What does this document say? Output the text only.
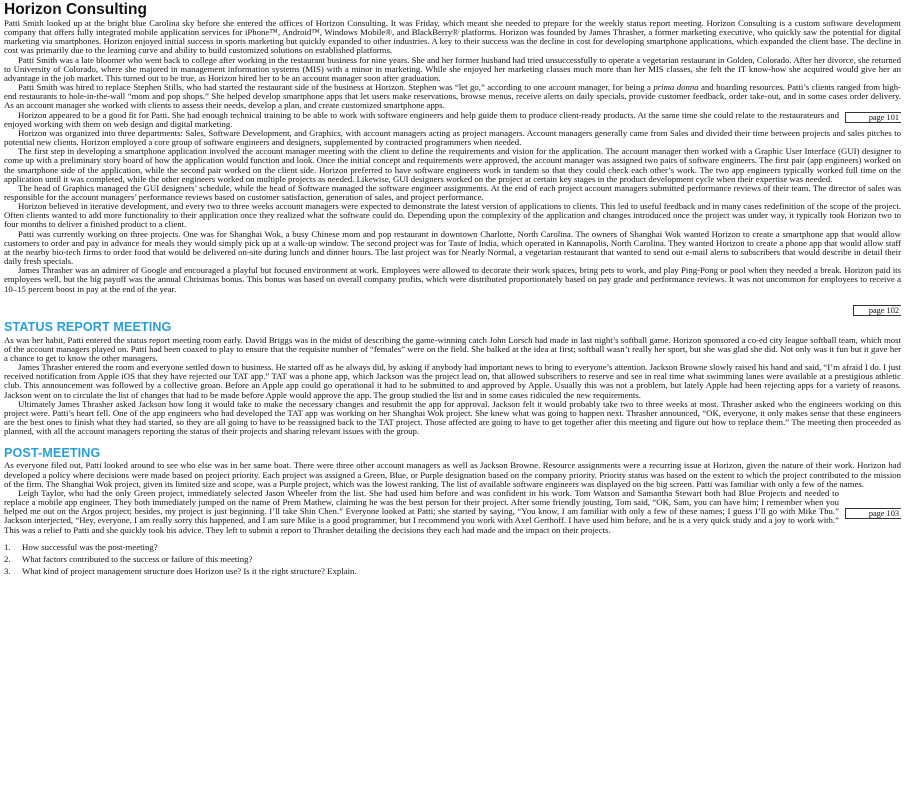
Horizon Consulting

Patti Smith looked up at the bright blue Carolina sky before she entered the offices of Horizon Consulting. It was Friday, which meant she needed to prepare for the weekly status report meeting. Horizon Consulting is a custom software development company that offers fully integrated mobile application services for iPhone™, Android™, Windows Mobile®, and BlackBerry® platforms. Horizon was founded by James Thrasher, a former marketing executive, who quickly saw the potential for digital marketing via smartphones. Horizon enjoyed initial success in sports marketing but quickly expanded to other industries. A key to their success was the decline in cost for developing smartphone applications, which expanded the client base. The decline in cost was primarily due to the learning curve and ability to build customized solutions on established platforms.

Patti Smith was a late bloomer who went back to college after working in the restaurant business for nine years. She and her former husband had tried unsuccessfully to operate a vegetarian restaurant in Golden, Colorado. After her divorce, she returned to University of Colorado, where she majored in management information systems (MIS) with a minor in marketing. While she enjoyed her marketing classes much more than her MIS classes, she felt the IT know-how she acquired would give her an advantage in the job market. This turned out to be true, as Horizon hired her to be an account manager soon after graduation.

Patti Smith was hired to replace Stephen Stills, who had started the restaurant side of the business at Horizon. Stephen was “let go,” according to one account manager, for being a prima donna and hoarding resources. Patti’s clients ranged from high-end restaurants to hole-in-the-wall “mom and pop shops.” She helped develop smartphone apps that let users make reservations, browse menus, receive alerts on daily specials, provide customer feedback, order take-out, and in some cases order delivery. As an account manager she worked with clients to assess their needs, develop a plan, and create customized smartphone apps.

page 101
Horizon appeared to be a good fit for Patti. She had enough technical training to be able to work with software engineers and help guide them to produce client-ready products. At the same time she could relate to the restaurateurs and enjoyed working with them on web design and digital marketing.

Horizon was organized into three departments: Sales, Software Development, and Graphics, with account managers acting as project managers. Account managers generally came from Sales and divided their time between projects and sales pitches to potential new clients. Horizon employed a core group of software engineers and designers, supplemented by contracted programmers when needed.

The first step in developing a smartphone application involved the account manager meeting with the client to define the requirements and vision for the application. The account manager then worked with a Graphic User Interface (GUI) designer to come up with a preliminary story board of how the application would function and look. Once the initial concept and requirements were approved, the account manager was assigned two pairs of software engineers. The first pair (app engineers) worked on the smartphone side of the application, while the second pair worked on the client side. Horizon preferred to have software engineers work in tandem so that they could check each other’s work. The two app engineers typically worked full time on the application until it was completed, while the other engineers worked on multiple projects as needed. Likewise, GUI designers worked on the project at certain key stages in the product development cycle when their expertise was needed.

The head of Graphics managed the GUI designers’ schedule, while the head of Software managed the software engineer assignments. At the end of each project account managers submitted performance reviews of their team. The director of sales was responsible for the account managers’ performance reviews based on customer satisfaction, generation of sales, and project performance.

Horizon believed in iterative development, and every two to three weeks account managers were expected to demonstrate the latest version of applications to clients. This led to useful feedback and in many cases redefinition of the scope of the project. Often clients wanted to add more functionality to their application once they realized what the software could do. Depending upon the complexity of the application and changes introduced once the project was under way, it typically took Horizon two to four months to deliver a finished product to a client.

Patti was currently working on three projects. One was for Shanghai Wok, a busy Chinese mom and pop restaurant in downtown Charlotte, North Carolina. The owners of Shanghai Wok wanted Horizon to create a smartphone app that would allow customers to order and pay in advance for meals they would simply pick up at a walk-up window. The second project was for Taste of India, which operated in Kannapolis, North Carolina. They wanted Horizon to create a phone app that would allow staff at the nearby bio-tech firms to order food that would be delivered on-site during lunch and dinner hours. The last project was for Nearly Normal, a vegetarian restaurant that wanted to send out e-mail alerts to subscribers that would describe in detail their daily fresh specials.

James Thrasher was an admirer of Google and encouraged a playful but focused environment at work. Employees were allowed to decorate their work spaces, bring pets to work, and play Ping-Pong or pool when they needed a break. Horizon paid its employees well, but the big payoff was the annual Christmas bonus. This bonus was based on overall company profits, which were distributed proportionately based on pay grade and performance reviews. It was not uncommon for employees to receive a 10–15 percent boost in pay at the end of the year.

page 102
STATUS REPORT MEETING

As was her habit, Patti entered the status report meeting room early. David Briggs was in the midst of describing the game-winning catch John Lorsch had made in last night’s softball game. Horizon sponsored a co-ed city league softball team, which most of the account managers played on. Patti had been coaxed to play to ensure that the requisite number of “females” were on the field. She balked at the idea at first; softball wasn’t really her sport, but she was glad she did. Not only was it fun but it gave her a chance to get to know the other managers.

James Thrasher entered the room and everyone settled down to business. He started off as he always did, by asking if anybody had important news to bring to everyone’s attention. Jackson Browne slowly raised his hand and said, “I’m afraid I do. I just received notification from Apple iOS that they have rejected our TAT app.” TAT was a phone app, which Jackson was the project lead on, that allowed subscribers to reserve and see in real time what swimming lanes were available at a prestigious athletic club. This announcement was followed by a collective groan. Before an Apple app could go operational it had to be submitted to and approved by Apple. Usually this was not a problem, but lately Apple had been rejecting apps for a variety of reasons. Jackson went on to circulate the list of changes that had to be made before Apple would approve the app. The group studied the list and in some cases ridiculed the new requirements.

Ultimately James Thrasher asked Jackson how long it would take to make the necessary changes and resubmit the app for approval. Jackson felt it would probably take two to three weeks at most. Thrasher asked who the engineers working on this project were. Patti’s heart fell. One of the app engineers who had developed the TAT app was working on her Shanghai Wok project. She knew what was going to happen next. Thrasher announced, “OK, everyone, it only makes sense that these engineers are the best ones to finish what they had started, so they are all going to have to be reassigned back to the TAT project. Those affected are going to have to get together after this meeting and figure out how to replace them.” The meeting then proceeded as planned, with all the account managers reporting the status of their projects and sharing relevant issues with the group.

POST-MEETING

As everyone filed out, Patti looked around to see who else was in her same boat. There were three other account managers as well as Jackson Browne. Resource assignments were a recurring issue at Horizon, given the nature of their work. Horizon had developed a policy where decisions were made based on project priority. Each project was assigned a Green, Blue, or Purple designation based on the company priority. Priority status was based on the extent to which the project contributed to the mission of the firm. The Shanghai Wok project, given its limited size and scope, was a Purple project, which was the lowest ranking. The list of available software engineers was displayed on the big screen. Patti was familiar with only a few of the names.

page 103
Leigh Taylor, who had the only Green project, immediately selected Jason Wheeler from the list. She had used him before and was confident in his work. Tom Watson and Samantha Stewart both had Blue Projects and needed to replace a mobile app engineer. They both immediately jumped on the name of Prem Mathew, claiming he was the best person for their project. After some friendly jousting, Tom said, “OK, Sam, you can have him; I remember when you helped me out on the Argos project; besides, my project is just beginning. I’ll take Shin Chen.” Everyone looked at Patti; she started by saying, “You know, I am familiar with only a few of these names; I guess I’ll go with Mike Thu.” Jackson interjected, “Hey, everyone, I am really sorry this happened, and I am sure Mike is a good programmer, but I recommend you work with Axel Gerthoff. I have used him before, and he is a very quick study and a joy to work with.” This was a relief to Patti and she quickly took his advice. They left to submit a report to Thrasher detailing the decisions they each had made and the impact on their projects.

1. How successful was the post-meeting?
2. What factors contributed to the success or failure of this meeting?
3. What kind of project management structure does Horizon use? Is it the right structure? Explain.
